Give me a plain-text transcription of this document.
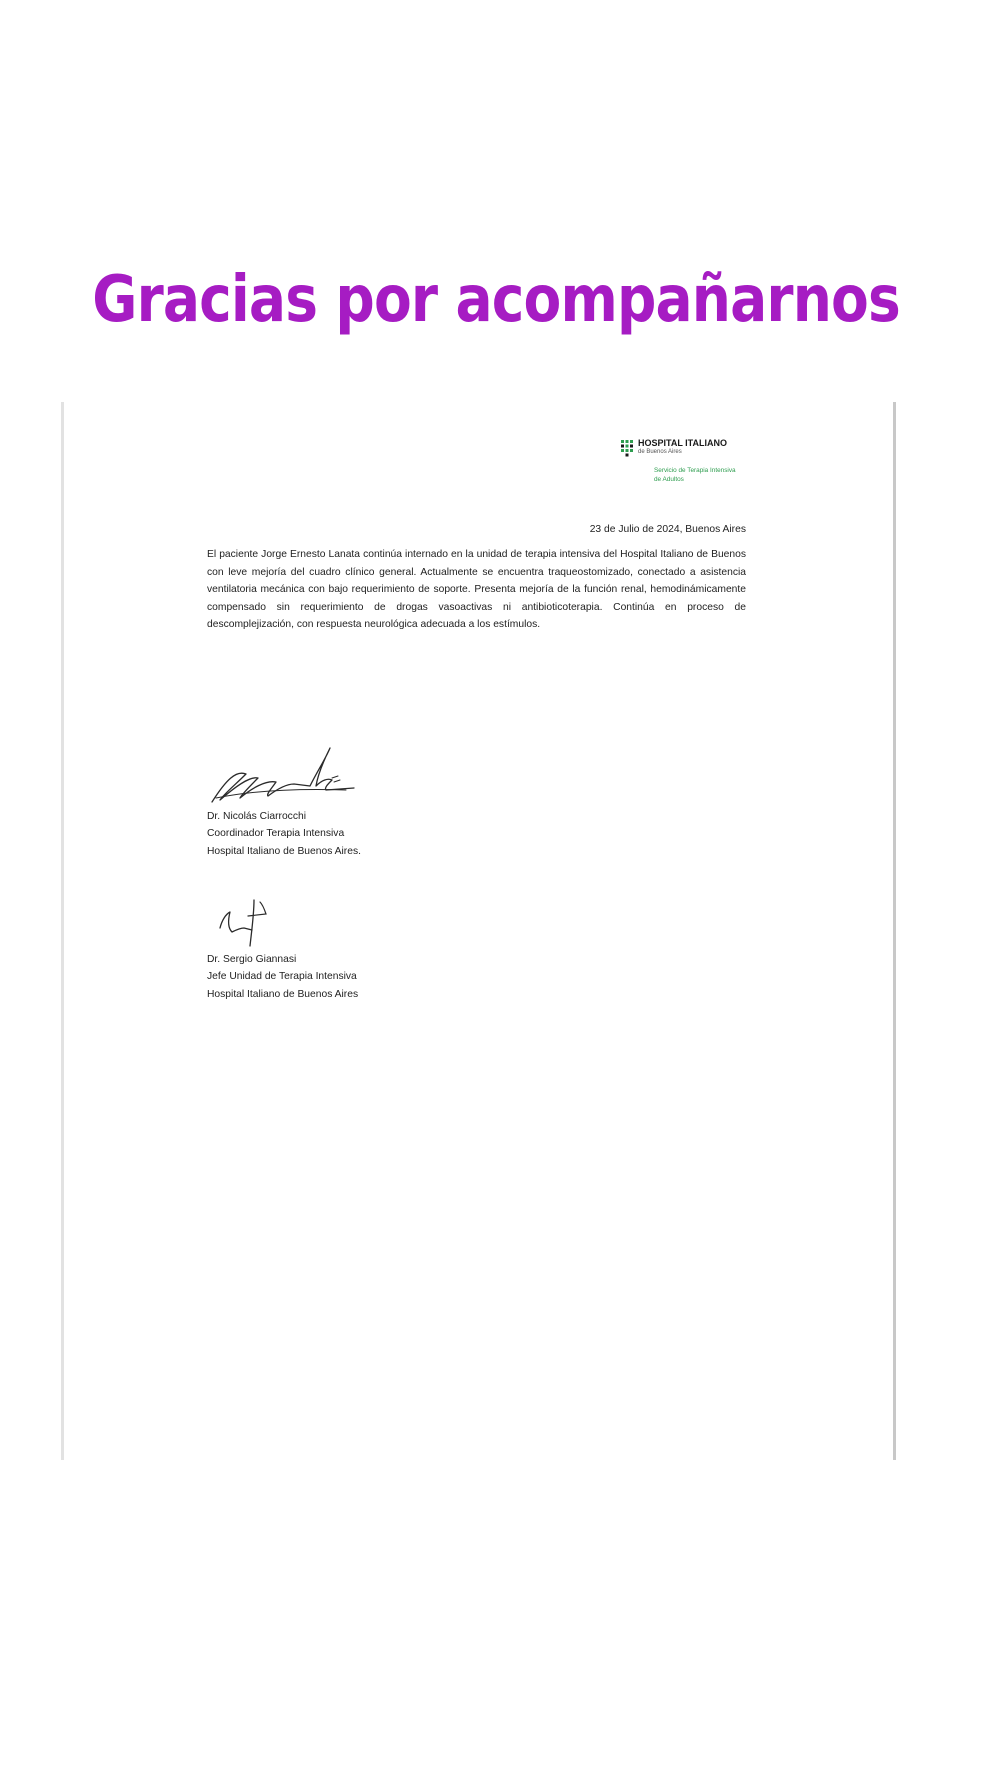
Gracias por acompañarnos
HOSPITAL ITALIANO
de Buenos Aires
Servicio de Terapia Intensiva
de Adultos
23 de Julio de 2024, Buenos Aires

El paciente Jorge Ernesto Lanata continúa internado en la unidad de terapia intensiva del Hospital Italiano de Buenos con leve mejoría del cuadro clínico general. Actualmente se encuentra traqueostomizado, conectado a asistencia ventilatoria mecánica con bajo requerimiento de soporte. Presenta mejoría de la función renal, hemodinámicamente compensado sin requerimiento de drogas vasoactivas ni antibioticoterapia. Continúa en proceso de descomplejización, con respuesta neurológica adecuada a los estímulos.

Dr. Nicolás Ciarrocchi
Coordinador Terapia Intensiva
Hospital Italiano de Buenos Aires.
Dr. Sergio Giannasi
Jefe Unidad de Terapia Intensiva
Hospital Italiano de Buenos Aires
